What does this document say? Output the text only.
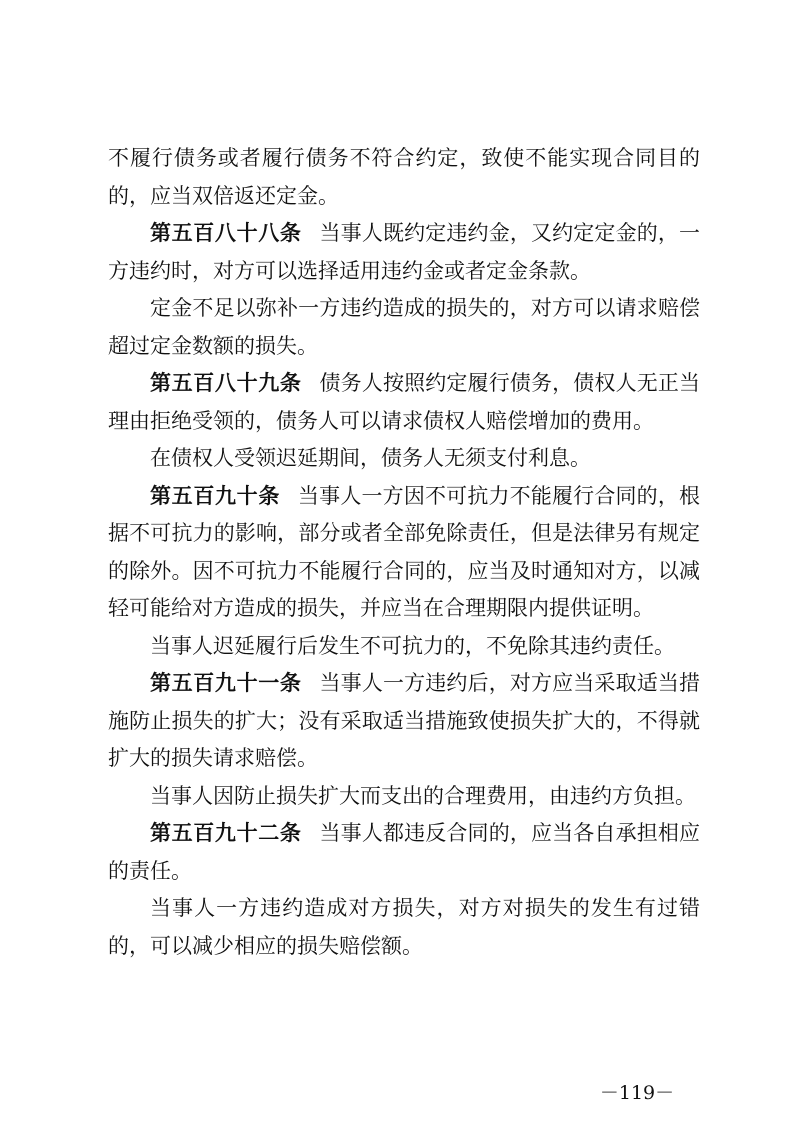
不履行债务或者履行债务不符合约定，致使不能实现合同目的的，应当双倍返还定金。

第五百八十八条 当事人既约定违约金，又约定定金的，一方违约时，对方可以选择适用违约金或者定金条款。

定金不足以弥补一方违约造成的损失的，对方可以请求赔偿超过定金数额的损失。

第五百八十九条 债务人按照约定履行债务，债权人无正当理由拒绝受领的，债务人可以请求债权人赔偿增加的费用。

在债权人受领迟延期间，债务人无须支付利息。

第五百九十条 当事人一方因不可抗力不能履行合同的，根据不可抗力的影响，部分或者全部免除责任，但是法律另有规定的除外。因不可抗力不能履行合同的，应当及时通知对方，以减轻可能给对方造成的损失，并应当在合理期限内提供证明。

当事人迟延履行后发生不可抗力的，不免除其违约责任。

第五百九十一条 当事人一方违约后，对方应当采取适当措施防止损失的扩大；没有采取适当措施致使损失扩大的，不得就扩大的损失请求赔偿。

当事人因防止损失扩大而支出的合理费用，由违约方负担。

第五百九十二条 当事人都违反合同的，应当各自承担相应的责任。

当事人一方违约造成对方损失，对方对损失的发生有过错的，可以减少相应的损失赔偿额。

－119－
